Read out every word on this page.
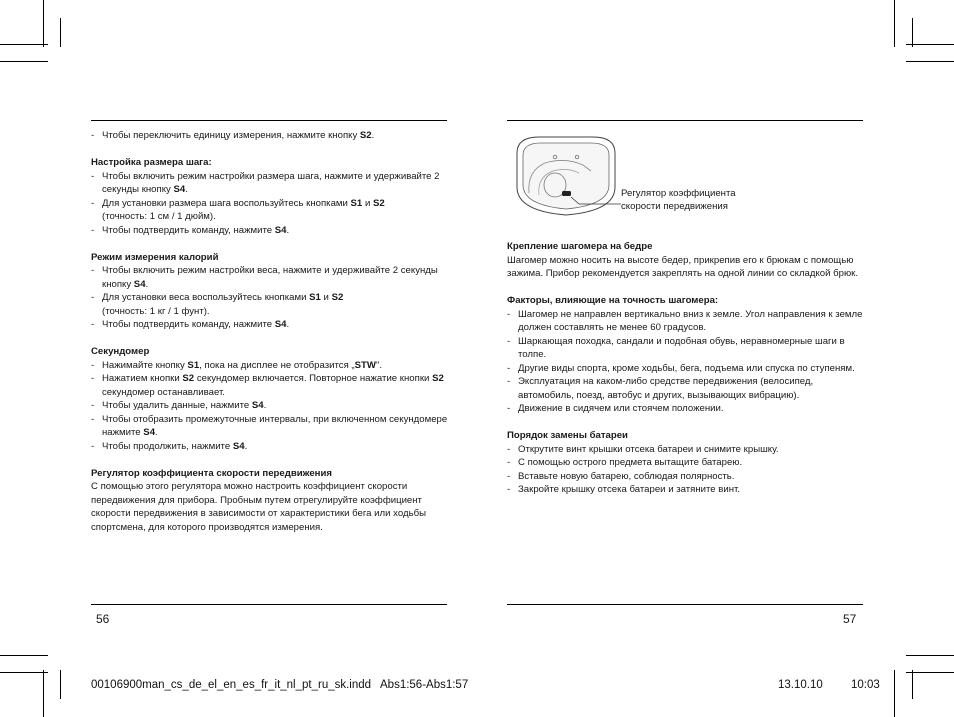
- Чтобы переключить единицу измерения, нажмите кнопку S2.

Настройка размера шага:

- Чтобы включить режим настройки размера шага, нажмите и удерживайте 2 секунды кнопку S4.
- Для установки размера шага воспользуйтесь кнопками S1 и S2
(точность: 1 см / 1 дюйм).
- Чтобы подтвердить команду, нажмите S4.

Режим измерения калорий

- Чтобы включить режим настройки веса, нажмите и удерживайте 2 секунды кнопку S4.
- Для установки веса воспользуйтесь кнопками S1 и S2
(точность: 1 кг / 1 фунт).
- Чтобы подтвердить команду, нажмите S4.

Секундомер

- Нажимайте кнопку S1, пока на дисплее не отобразится „STW".
- Нажатием кнопки S2 секундомер включается. Повторное нажатие кнопки S2 секундомер останавливает.
- Чтобы удалить данные, нажмите S4.
- Чтобы отобразить промежуточные интервалы, при включенном секундомере нажмите S4.
- Чтобы продолжить, нажмите S4.

Регулятор коэффициента скорости передвижения

С помощью этого регулятора можно настроить коэффициент скорости передвижения для прибора. Пробным путем отрегулируйте коэффициент скорости передвижения в зависимости от характеристики бега или ходьбы спортсмена, для которого производятся измерения.

56
Регулятор коэффициента скорости передвижения

Крепление шагомера на бедре

Шагомер можно носить на высоте бедер, прикрепив его к брюкам с помощью зажима. Прибор рекомендуется закреплять на одной линии со складкой брюк.

Факторы, влияющие на точность шагомера:

- Шагомер не направлен вертикально вниз к земле. Угол направления к земле должен составлять не менее 60 градусов.
- Шаркающая походка, сандали и подобная обувь, неравномерные шаги в толпе.
- Другие виды спорта, кроме ходьбы, бега, подъема или спуска по ступеням.
- Эксплуатация на каком-либо средстве передвижения (велосипед, автомобиль, поезд, автобус и других, вызывающих вибрацию).
- Движение в сидячем или стоячем положении.

Порядок замены батареи

- Открутите винт крышки отсека батареи и снимите крышку.
- С помощью острого предмета вытащите батарею.
- Вставьте новую батарею, соблюдая полярность.
- Закройте крышку отсека батареи и затяните винт.
57
00106900man_cs_de_el_en_es_fr_it_nl_pt_ru_sk.indd   Abs1:56-Abs1:57	13.10.10 10:03
